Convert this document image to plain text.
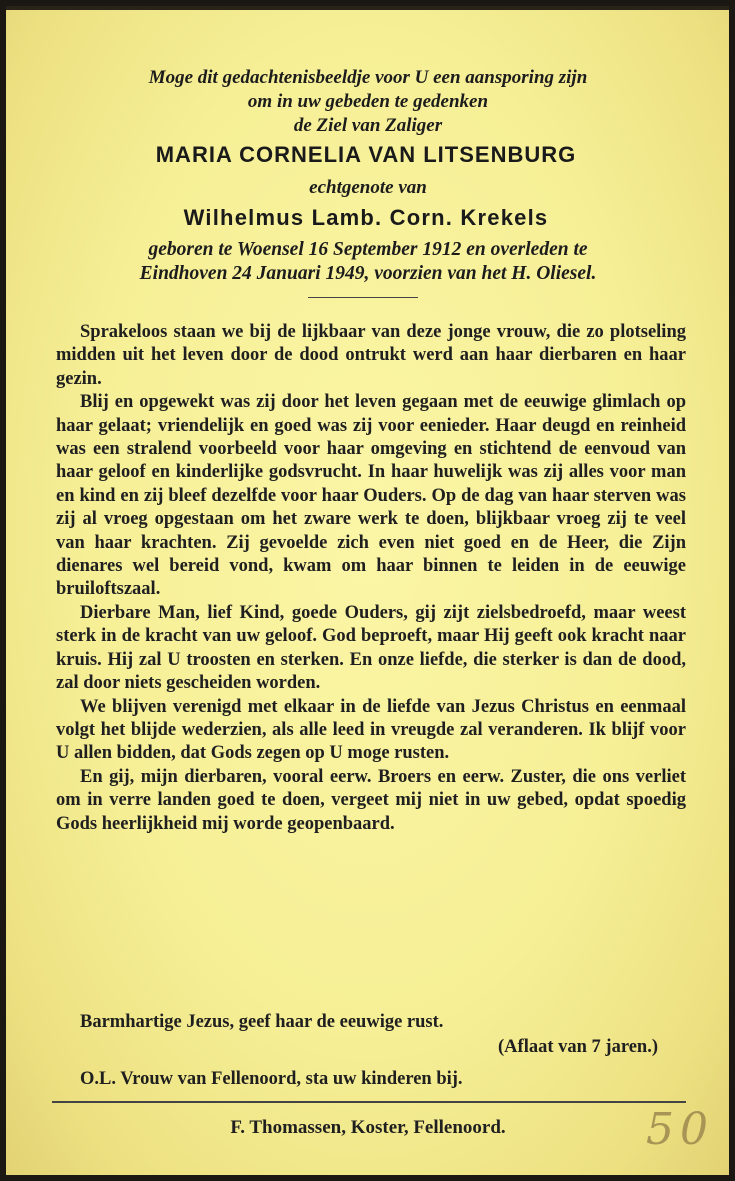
Moge dit gedachtenisbeeldje voor U een aansporing zijn
om in uw gebeden te gedenken
de Ziel van Zaliger
MARIA CORNELIA VAN LITSENBURG
echtgenote van
Wilhelmus Lamb. Corn. Krekels
geboren te Woensel 16 September 1912 en overleden te
Eindhoven 24 Januari 1949, voorzien van het H. Oliesel.

Sprakeloos staan we bij de lijkbaar van deze jonge vrouw, die zo plotseling midden uit het leven door de dood ontrukt werd aan haar dierbaren en haar gezin.

Blij en opgewekt was zij door het leven gegaan met de eeuwige glimlach op haar gelaat; vriendelijk en goed was zij voor eenieder. Haar deugd en reinheid was een stralend voorbeeld voor haar omgeving en stichtend de eenvoud van haar geloof en kinderlijke godsvrucht. In haar huwelijk was zij alles voor man en kind en zij bleef dezelfde voor haar Ouders. Op de dag van haar sterven was zij al vroeg opgestaan om het zware werk te doen, blijkbaar vroeg zij te veel van haar krachten. Zij gevoelde zich even niet goed en de Heer, die Zijn dienares wel bereid vond, kwam om haar binnen te leiden in de eeuwige bruiloftszaal.

Dierbare Man, lief Kind, goede Ouders, gij zijt zielsbedroefd, maar weest sterk in de kracht van uw geloof. God beproeft, maar Hij geeft ook kracht naar kruis. Hij zal U troosten en sterken. En onze liefde, die sterker is dan de dood, zal door niets gescheiden worden.

We blijven verenigd met elkaar in de liefde van Jezus Christus en eenmaal volgt het blijde wederzien, als alle leed in vreugde zal veranderen. Ik blijf voor U allen bidden, dat Gods zegen op U moge rusten.

En gij, mijn dierbaren, vooral eerw. Broers en eerw. Zuster, die ons verliet om in verre landen goed te doen, vergeet mij niet in uw gebed, opdat spoedig Gods heerlijkheid mij worde geopenbaard.

Barmhartige Jezus, geef haar de eeuwige rust.
(Aflaat van 7 jaren.)
O.L. Vrouw van Fellenoord, sta uw kinderen bij.
F. Thomassen, Koster, Fellenoord.	50
